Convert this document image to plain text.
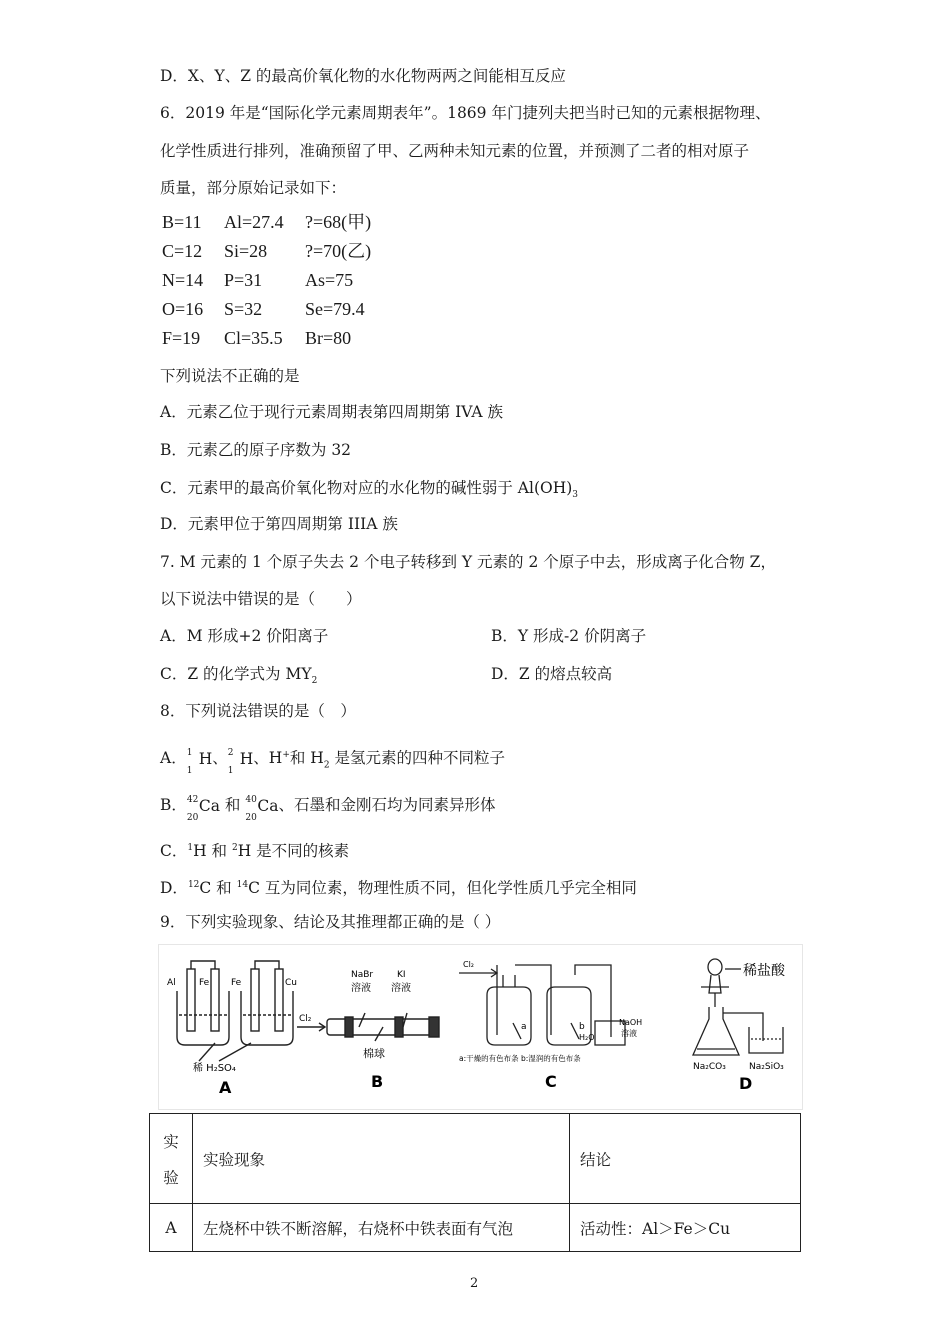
D．X、Y、Z 的最高价氧化物的水化物两两之间能相互反应
6．2019 年是“国际化学元素周期表年”。1869 年门捷列夫把当时已知的元素根据物理、
化学性质进行排列，准确预留了甲、乙两种未知元素的位置，并预测了二者的相对原子
质量，部分原始记录如下：
B=11 Al=27.4 ?=68(甲)
C=12 Si=28 ?=70(乙)
N=14 P=31 As=75
O=16 S=32 Se=79.4
F=19 Cl=35.5 Br=80
下列说法不正确的是
A．元素乙位于现行元素周期表第四周期第 IVA 族
B．元素乙的原子序数为 32
C．元素甲的最高价氧化物对应的水化物的碱性弱于 $Al(OH)_3$
D．元素甲位于第四周期第 IIIA 族
7. M 元素的 1 个原子失去 2 个电子转移到 Y 元素的 2 个原子中去，形成离子化合物 Z，
以下说法中错误的是（　　）
A．M 形成+2 价阳离子	B．Y 形成-2 价阴离子
C．Z 的化学式为 $MY_2$	D．Z 的熔点较高
8．下列说法错误的是（　）
A． 1
1
H、 2
1
H、H+和 $H_2$ 是氢元素的四种不同粒子
B． 42
20
Ca 和 40
20
Ca、石墨和金刚石均为同素异形体
C．$^1$H 和 $^2$H 是不同的核素
D．$^{12}$C 和 $^{14}$C 互为同位素，物理性质不同，但化学性质几乎完全相同
9．下列实验现象、结论及其推理都正确的是（ ）
Al	Fe Fe	Cu
稀 H₂SO₄
A
Cl₂
NaBr
溶液
KI
溶液
棉球
B
Cl₂
a	b
H₂O
NaOH
溶液
a:干燥的有色布条 b:湿润的有色布条
C
稀盐酸
Na₂CO₃	Na₂SiO₃
D
实
验	实验现象	结论
A	左烧杯中铁不断溶解，右烧杯中铁表面有气泡	活动性：Al＞Fe＞Cu
2
